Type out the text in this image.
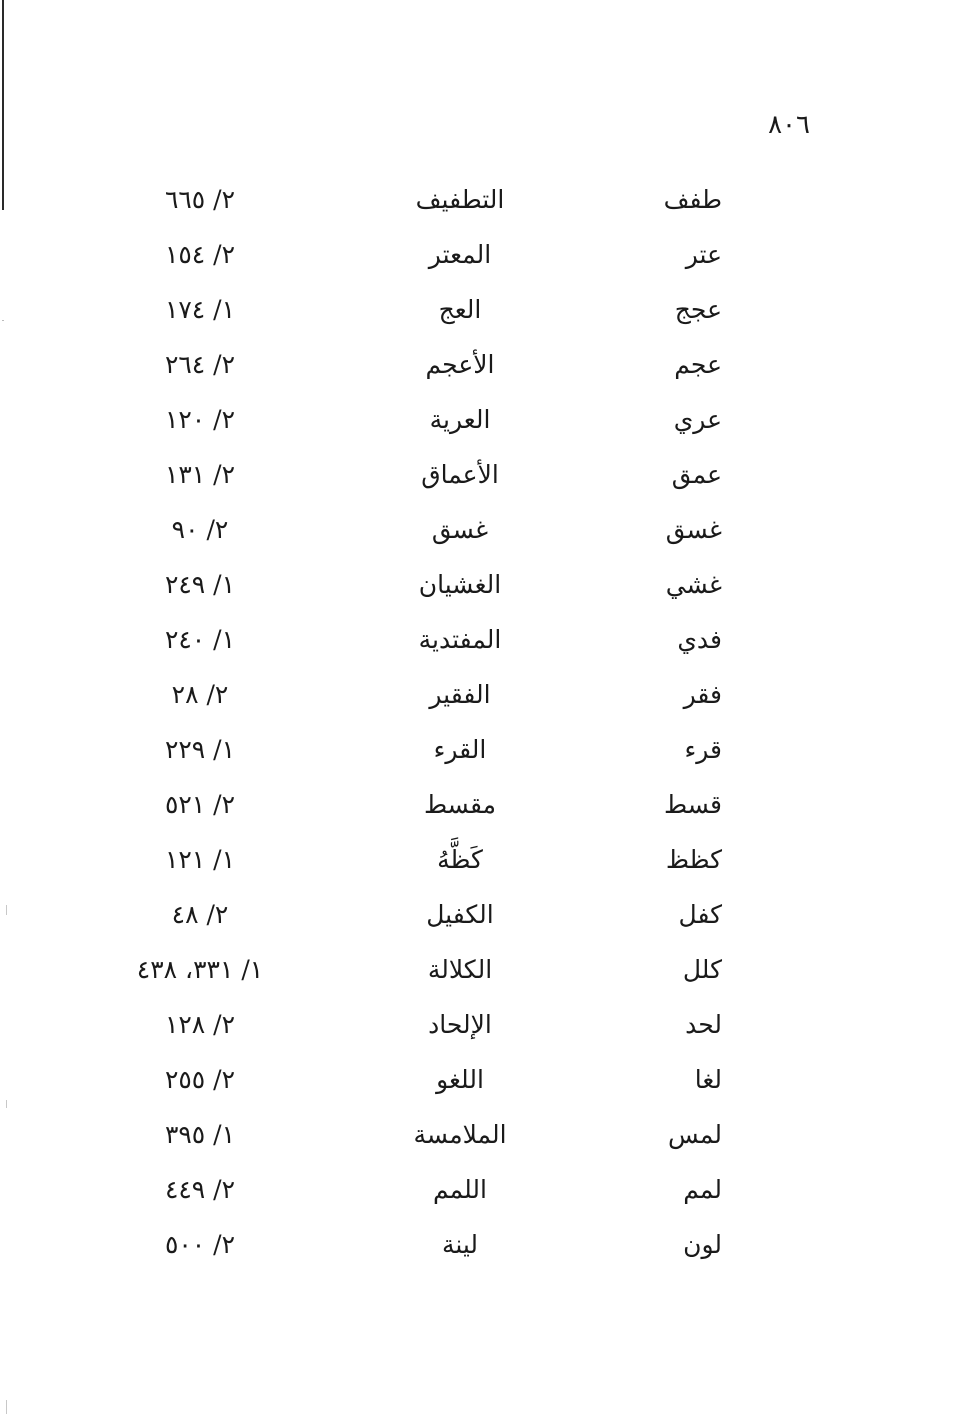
٨٠٦
طفف
التطفيف
٢/ ٦٦٥
عتر
المعتر
٢/ ١٥٤
عجج
العج
١/ ١٧٤
عجم
الأعجم
٢/ ٢٦٤
عري
العرية
٢/ ١٢٠
عمق
الأعماق
٢/ ١٣١
غسق
غسق
٢/ ٩٠
غشي
الغشيان
١/ ٢٤٩
فدي
المفتدية
١/ ٢٤٠
فقر
الفقير
٢/ ٢٨
قرء
القرء
١/ ٢٢٩
قسط
مقسط
٢/ ٥٢١
كظظ
كَظَّهُ
١/ ١٢١
كفل
الكفيل
٢/ ٤٨
كلل
الكلالة
١/ ٣٣١، ٤٣٨
لحد
الإلحاد
٢/ ١٢٨
لغا
اللغو
٢/ ٢٥٥
لمس
الملامسة
١/ ٣٩٥
لمم
اللمم
٢/ ٤٤٩
لون
لينة
٢/ ٥٠٠
